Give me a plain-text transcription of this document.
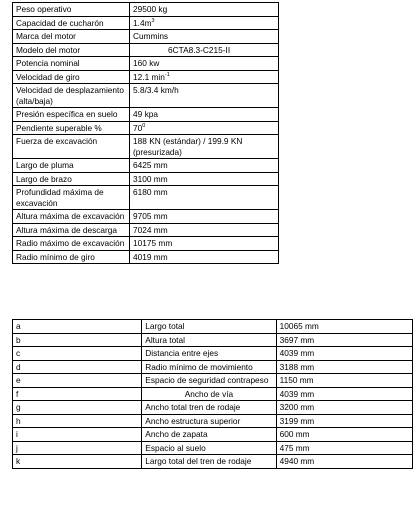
Peso operativo	29500 kg
Capacidad de cucharón	$1.4m^3$
Marca del motor	Cummins
Modelo del motor	6CTA8.3-C215-II
Potencia nominal	160 kw
Velocidad de giro	12.1 $\min^{-1}$
Velocidad de desplazamiento (alta/baja)	5.8/3.4 km/h
Presión específica en suelo	49 kpa
Pendiente superable %	$70^0$
Fuerza de excavación	188 KN (estándar) / 199.9 KN (presurizada)
Largo de pluma	6425 mm
Largo de brazo	3100 mm
Profundidad máxima de excavación	6180 mm
Altura máxima de excavación	9705 mm
Altura máxima de descarga	7024 mm
Radio máximo de excavación	10175 mm
Radio mínimo de giro	4019 mm
a	Largo total	10065 mm
b	Altura total	3697 mm
c	Distancia entre ejes	4039 mm
d	Radio mínimo de movimiento	3188 mm
e	Espacio de seguridad contrapeso	1150 mm
f	Ancho de vía	4039 mm
g	Ancho total tren de rodaje	3200 mm
h	Ancho estructura superior	3199 mm
i	Ancho de zapata	600 mm
j	Espacio al suelo	475 mm
k	Largo total del tren de rodaje	4940 mm
